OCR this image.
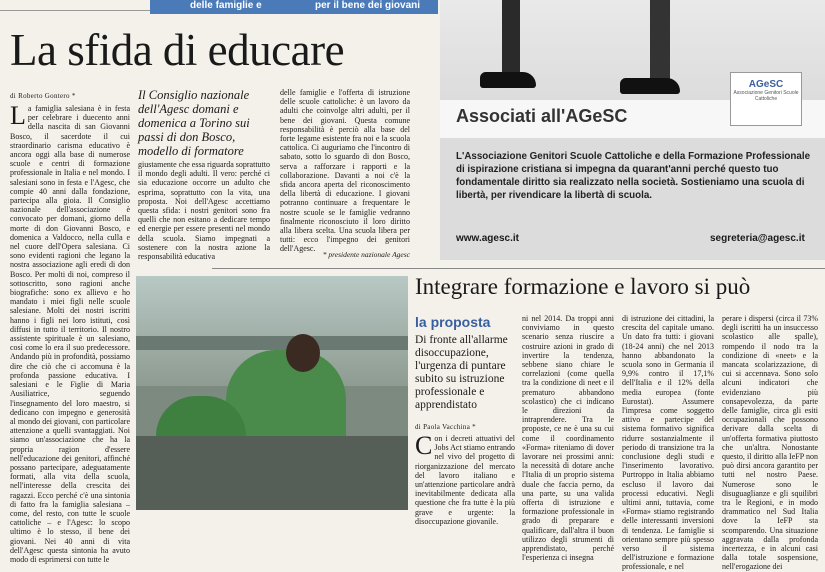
delle famiglie e	per il bene dei giovani
La sfida di educare
di Roberto Gontero *
L a famiglia salesiana è in festa per celebrare i duecento anni della nascita di san Giovanni Bosco, il sacerdote il cui straordinario carisma educativo è ancora oggi alla base di numerose scuole e centri di formazione professionale in Italia e nel mondo. I salesiani sono in festa e l'Agesc, che compie 40 anni dalla fondazione, partecipa alla gioia. Il Consiglio nazionale dell'associazione è convocato per domani, giorno della morte di don Giovanni Bosco, e domenica a Valdocco, nella culla e nel cuore dell'Opera salesiana. Ci sono evidenti ragioni che legano la nostra associazione agli eredi di don Bosco. Per molti di noi, compreso il sottoscritto, sono ragioni anche biografiche: sono ex allievo e ho mandato i miei figli nelle scuole salesiane. Molti dei nostri iscritti hanno i figli nei loro istituti, così diffusi in tutto il territorio. Il nostro assistente spirituale è un salesiano, così come lo era il suo predecessore. Andando più in profondità, possiamo dire che ciò che ci accomuna è la profonda passione educativa. I salesiani e le Figlie di Maria Ausiliatrice, seguendo l'insegnamento del loro maestro, si dedicano con impegno e generosità al mondo dei giovani, con particolare attenzione a quelli svantaggiati. Noi siamo un'associazione che ha la propria ragion d'essere nell'educazione dei genitori, affinché possano partecipare, adeguatamente formati, alla vita della scuola, nell'interesse della crescita dei ragazzi. Ecco perché c'è una sintonia di fatto fra la famiglia salesiana – come, del resto, con tutte le scuole cattoliche – e l'Agesc: lo scopo ultimo è lo stesso, il bene dei giovani. Nei 40 anni di vita dell'Agesc questa sintonia ha avuto modo di esprimersi con tutte le
Il Consiglio nazionale dell'Agesc domani e domenica a Torino sui passi di don Bosco, modello di formatore
giustamente che essa riguarda soprattutto il mondo degli adulti. Il vero: perché ci sia educazione occorre un adulto che esprima, soprattutto con la vita, una proposta. Noi dell'Agesc accettiamo questa sfida: i nostri genitori sono fra quelli che non esitano a dedicare tempo ed energie per essere presenti nel mondo della scuola. Siamo impegnati a sostenere con la nostra azione la responsabilità educativa
delle famiglie e l'offerta di istruzione delle scuole cattoliche: è un lavoro da adulti che coinvolge altri adulti, per il bene dei giovani. Questa comune responsabilità è perciò alla base del forte legame esistente fra noi e la scuola cattolica. Ci auguriamo che l'incontro di sabato, sotto lo sguardo di don Bosco, serva a rafforzare i rapporti e la collaborazione. Davanti a noi c'è la sfida ancora aperta del riconoscimento della libertà di educazione. I giovani potranno continuare a frequentare le nostre scuole se le famiglie vedranno finalmente riconosciuto il loro diritto alla libera scelta. Una scuola libera per tutti: ecco l'impegno dei genitori dell'Agesc.
* presidente nazionale Agesc
Associati all'AGeSC
AGeSC
Associazione Genitori Scuole Cattoliche
L'Associazione Genitori Scuole Cattoliche e della Formazione Professionale di ispirazione cristiana si impegna da quarant'anni perché questo tuo fondamentale diritto sia realizzato nella società. Sostieniamo una scuola di libertà, per rivendicare la libertà di scuola.
www.agesc.it	segreteria@agesc.it
Integrare formazione e lavoro si può
la proposta
Di fronte all'allarme disoccupazione, l'urgenza di puntare subito su istruzione professionale e apprendistato
di Paola Vacchina *
C on i decreti attuativi del Jobs Act stiamo entrando nel vivo del progetto di riorganizzazione del mercato del lavoro italiano e un'attenzione particolare andrà inevitabilmente dedicata alla questione che fra tutte è la più grave e urgente: la disoccupazione giovanile.
ni nel 2014. Da troppi anni conviviamo in questo scenario senza riuscire a costruire azioni in grado di invertire la tendenza, sebbene siano chiare le correlazioni (come quella tra la condizione di neet e il prematuro abbandono scolastico) che ci indicano le direzioni da intraprendere. Tra le proposte, ce ne è una su cui come il coordinamento «Forma» riteniamo di dover lavorare nei prossimi anni: la necessità di dotare anche l'Italia di un proprio sistema duale che faccia perno, da una parte, su una valida offerta di istruzione e formazione professionale in grado di preparare e qualificare, dall'altra il buon utilizzo degli strumenti di apprendistato, perché l'esperienza ci insegna
di istruzione dei cittadini, la crescita del capitale umano. Un dato fra tutti: i giovani (18-24 anni) che nel 2013 hanno abbandonato la scuola sono in Germania il 9,9% contro il 17,1% dell'Italia e il 12% della media europea (fonte Eurostat). Assumere l'impresa come soggetto attivo e partecipe del sistema formativo significa ridurre sostanzialmente il periodo di transizione tra la conclusione degli studi e l'inserimento lavorativo. Purtroppo in Italia abbiamo escluso il lavoro dai processi educativi. Negli ultimi anni, tuttavia, come «Forma» stiamo registrando delle interessanti inversioni di tendenza. Le famiglie si orientano sempre più spesso verso il sistema dell'istruzione e formazione professionale, e nel
perare i dispersi (circa il 73% degli iscritti ha un insuccesso scolastico alle spalle), rompendo il nodo tra la condizione di «neet» e la mancata scolarizzazione, di cui si accennava. Sono solo alcuni indicatori che evidenziano più consapevolezza, da parte delle famiglie, circa gli esiti occupazionali che possono derivare dalla scelta di un'offerta formativa piuttosto che un'altra. Nonostante questo, il diritto alla IeFP non può dirsi ancora garantito per tutti nel nostro Paese. Numerose sono le disuguaglianze e gli squilibri tra le Regioni, e in modo drammatico nel Sud Italia dove la IeFP sta scomparendo. Una situazione aggravata dalla profonda incertezza, e in alcuni casi dalla totale sospensione, nell'erogazione dei
